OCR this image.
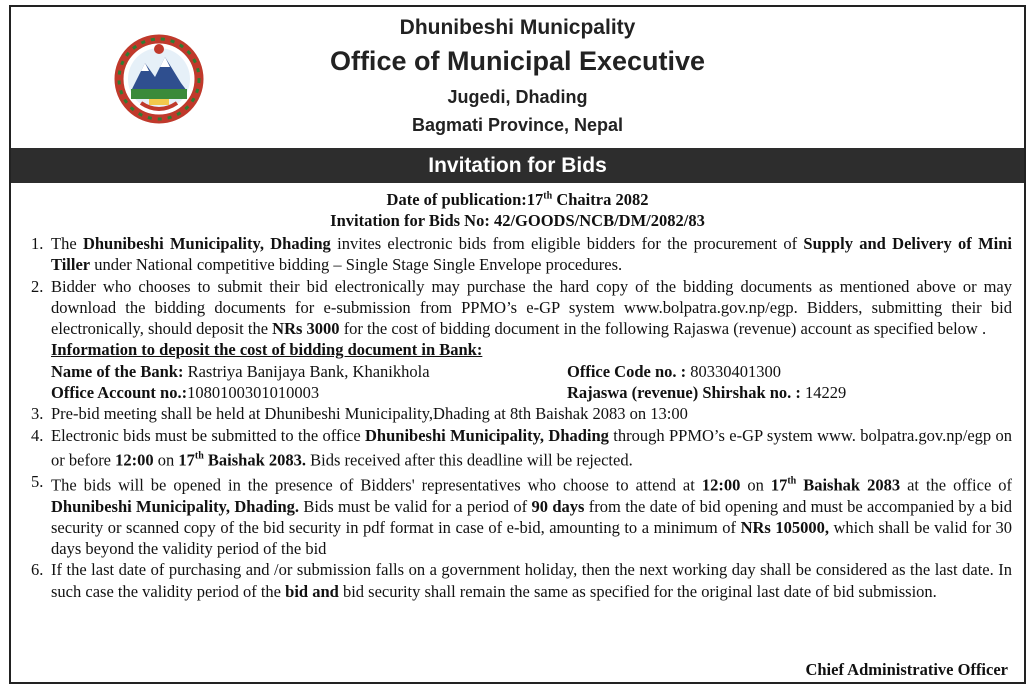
Dhunibeshi Municpality
Office of Municipal Executive
Jugedi, Dhading
Bagmati Province, Nepal
Invitation for Bids
Date of publication:17th Chaitra 2082
Invitation for Bids No: 42/GOODS/NCB/DM/2082/83
1. The Dhunibeshi Municipality, Dhading invites electronic bids from eligible bidders for the procurement of Supply and Delivery of Mini Tiller under National competitive bidding – Single Stage Single Envelope procedures.
2. Bidder who chooses to submit their bid electronically may purchase the hard copy of the bidding documents as mentioned above or may download the bidding documents for e-submission from PPMO’s e-GP system www.bolpatra.gov.np/egp. Bidders, submitting their bid electronically, should deposit the NRs 3000 for the cost of bidding document in the following Rajaswa (revenue) account as specified below .
Information to deposit the cost of bidding document in Bank:
Name of the Bank: Rastriya Banijaya Bank, Khanikhola	Office Code no. : 80330401300
Office Account no.:1080100301010003	Rajaswa (revenue) Shirshak no. : 14229
3. Pre-bid meeting shall be held at Dhunibeshi Municipality,Dhading at 8th Baishak 2083 on 13:00
4. Electronic bids must be submitted to the office Dhunibeshi Municipality, Dhading through PPMO’s e-GP system www. bolpatra.gov.np/egp on or before 12:00 on 17th Baishak 2083. Bids received after this deadline will be rejected.
5. The bids will be opened in the presence of Bidders' representatives who choose to attend at 12:00 on 17th Baishak 2083 at the office of Dhunibeshi Municipality, Dhading. Bids must be valid for a period of 90 days from the date of bid opening and must be accompanied by a bid security or scanned copy of the bid security in pdf format in case of e-bid, amounting to a minimum of NRs 105000, which shall be valid for 30 days beyond the validity period of the bid
6. If the last date of purchasing and /or submission falls on a government holiday, then the next working day shall be considered as the last date. In such case the validity period of the bid and bid security shall remain the same as specified for the original last date of bid submission.
Chief Administrative Officer
